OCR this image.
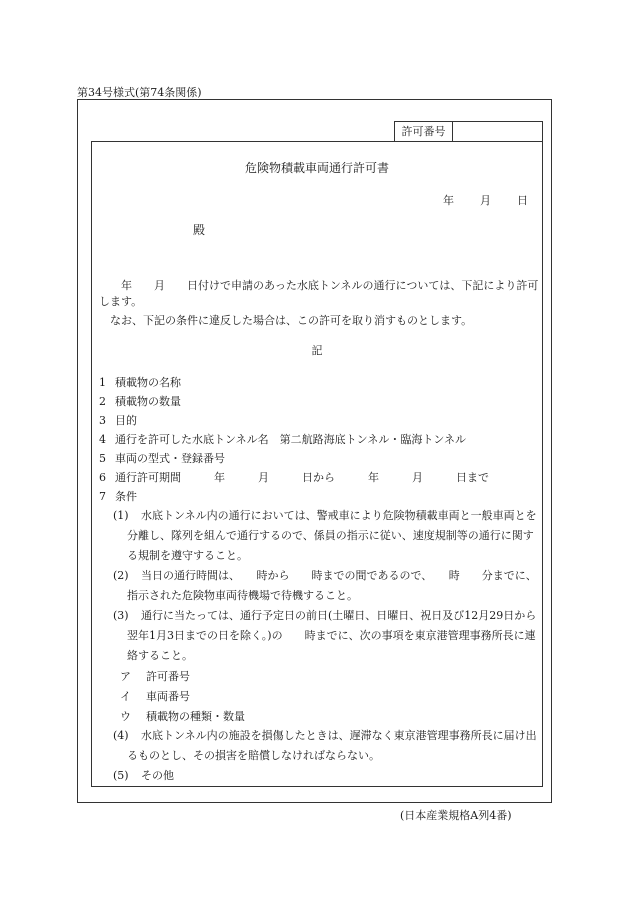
第34号様式(第74条関係)
許可番号
危険物積載車両通行許可書
年 月 日
殿
　　年　　月　　日付けで申請のあった水底トンネルの通行については、下記により許可します。
　なお、下記の条件に違反した場合は、この許可を取り消すものとします。
記
1 積載物の名称
2 積載物の数量
3 目的
4 通行を許可した水底トンネル名　第二航路海底トンネル・臨海トンネル
5 車両の型式・登録番号
6 通行許可期間　　　年　　　月　　　日から　　　年　　　月　　　日まで
7 条件
(1)	水底トンネル内の通行においては、警戒車により危険物積載車両と一般車両とを分離し、隊列を組んで通行するので、係員の指示に従い、速度規制等の通行に関する規制を遵守すること。
(2)	当日の通行時間は、　　時から　　時までの間であるので、　　時　　分までに、指示された危険物車両待機場で待機すること。
(3)	通行に当たっては、通行予定日の前日(土曜日、日曜日、祝日及び12月29日から翌年1月3日までの日を除く。)の　　時までに、次の事項を東京港管理事務所長に連絡すること。
ア 許可番号
イ 車両番号
ウ 積載物の種類・数量
(4)	水底トンネル内の施設を損傷したときは、遅滞なく東京港管理事務所長に届け出るものとし、その損害を賠償しなければならない。
(5)	その他
(日本産業規格A列4番)
